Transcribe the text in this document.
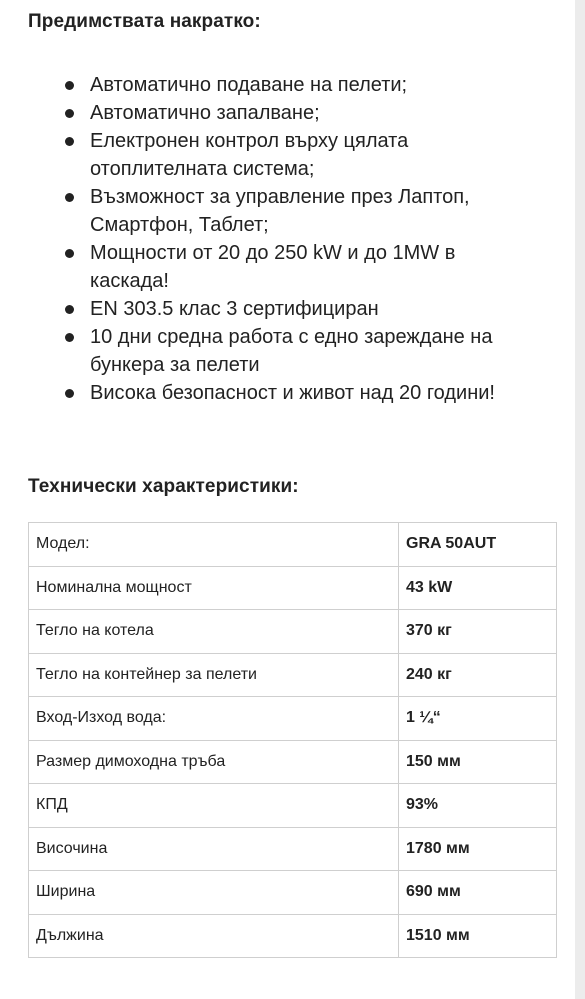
Предимствата накратко:
Автоматично подаване на пелети;
Автоматично запалване;
Електронен контрол върху цялата отоплителната система;
Възможност за управление през Лаптоп, Смартфон, Таблет;
Мощности от 20 до 250 kW и до 1MW в каскада!
EN 303.5 клас 3 сертифициран
10 дни средна работа с едно зареждане на бункера за пелети
Висока безопасност и живот над 20 години!
Технически характеристики:
Модел:	GRA 50AUT
Номинална мощност	43 kW
Тегло на котела	370 кг
Тегло на контейнер за пелети	240 кг
Вход-Изход вода:	1 ¼“
Размер димоходна тръба	150 мм
КПД	93%
Височина	1780 мм
Ширина	690 мм
Дължина	1510 мм
